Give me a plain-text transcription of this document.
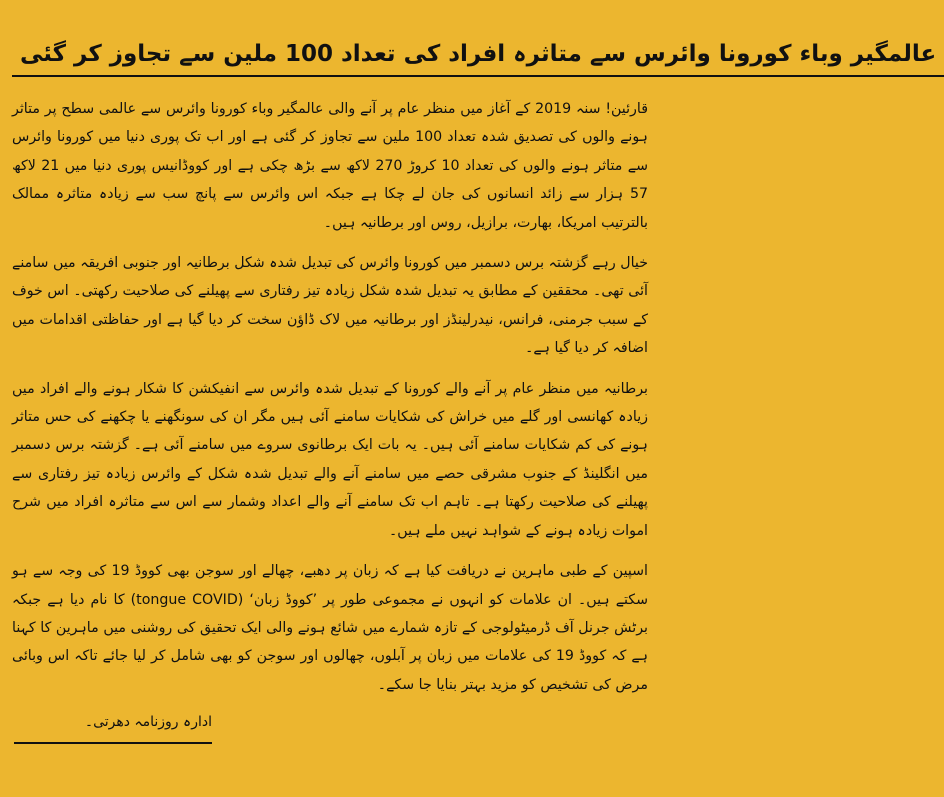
عالمگیر وباء کورونا وائرس سے متاثرہ افراد کی تعداد 100 ملین سے تجاوز کر گئی

قارئین! سنہ 2019 کے آغاز میں منظر عام پر آنے والی عالمگیر وباء کورونا وائرس سے عالمی سطح پر متاثر ہونے والوں کی تصدیق شدہ تعداد 100 ملین سے تجاوز کر گئی ہے اور اب تک پوری دنیا میں کورونا وائرس سے متاثر ہونے والوں کی تعداد 10 کروڑ 270 لاکھ سے بڑھ چکی ہے اور کووڈانیس پوری دنیا میں 21 لاکھ 57 ہزار سے زائد انسانوں کی جان لے چکا ہے جبکہ اس وائرس سے پانچ سب سے زیادہ متاثرہ ممالک بالترتیب امریکا، بھارت، برازیل، روس اور برطانیہ ہیں۔

خیال رہے گزشتہ برس دسمبر میں کورونا وائرس کی تبدیل شدہ شکل برطانیہ اور جنوبی افریقہ میں سامنے آئی تھی۔ محققین کے مطابق یہ تبدیل شدہ شکل زیادہ تیز رفتاری سے پھیلنے کی صلاحیت رکھتی۔ اس خوف کے سبب جرمنی، فرانس، نیدرلینڈز اور برطانیہ میں لاک ڈاؤن سخت کر دیا گیا ہے اور حفاظتی اقدامات میں اضافہ کر دیا گیا ہے۔

برطانیہ میں منظر عام پر آنے والے کورونا کے تبدیل شدہ وائرس سے انفیکشن کا شکار ہونے والے افراد میں زیادہ کھانسی اور گلے میں خراش کی شکایات سامنے آئی ہیں مگر ان کی سونگھنے یا چکھنے کی حس متاثر ہونے کی کم شکایات سامنے آئی ہیں۔ یہ بات ایک برطانوی سروے میں سامنے آئی ہے۔ گزشتہ برس دسمبر میں انگلینڈ کے جنوب مشرقی حصے میں سامنے آنے والے تبدیل شدہ شکل کے وائرس زیادہ تیز رفتاری سے پھیلنے کی صلاحیت رکھتا ہے۔ تاہم اب تک سامنے آنے والے اعداد وشمار سے اس سے متاثرہ افراد میں شرح اموات زیادہ ہونے کے شواہد نہیں ملے ہیں۔

اسپین کے طبی ماہرین نے دریافت کیا ہے کہ زبان پر دھبے، چھالے اور سوجن بھی کووڈ 19 کی وجہ سے ہو سکتے ہیں۔ ان علامات کو انہوں نے مجموعی طور پر ’کووڈ زبان‘ (tongue COVID) کا نام دیا ہے جبکہ برٹش جرنل آف ڈرمیٹولوجی کے تازہ شمارے میں شائع ہونے والی ایک تحقیق کی روشنی میں ماہرین کا کہنا ہے کہ کووڈ 19 کی علامات میں زبان پر آبلوں، چھالوں اور سوجن کو بھی شامل کر لیا جائے تاکہ اس وبائی مرض کی تشخیص کو مزید بہتر بنایا جا سکے۔

ادارہ روزنامہ دھرتی۔
